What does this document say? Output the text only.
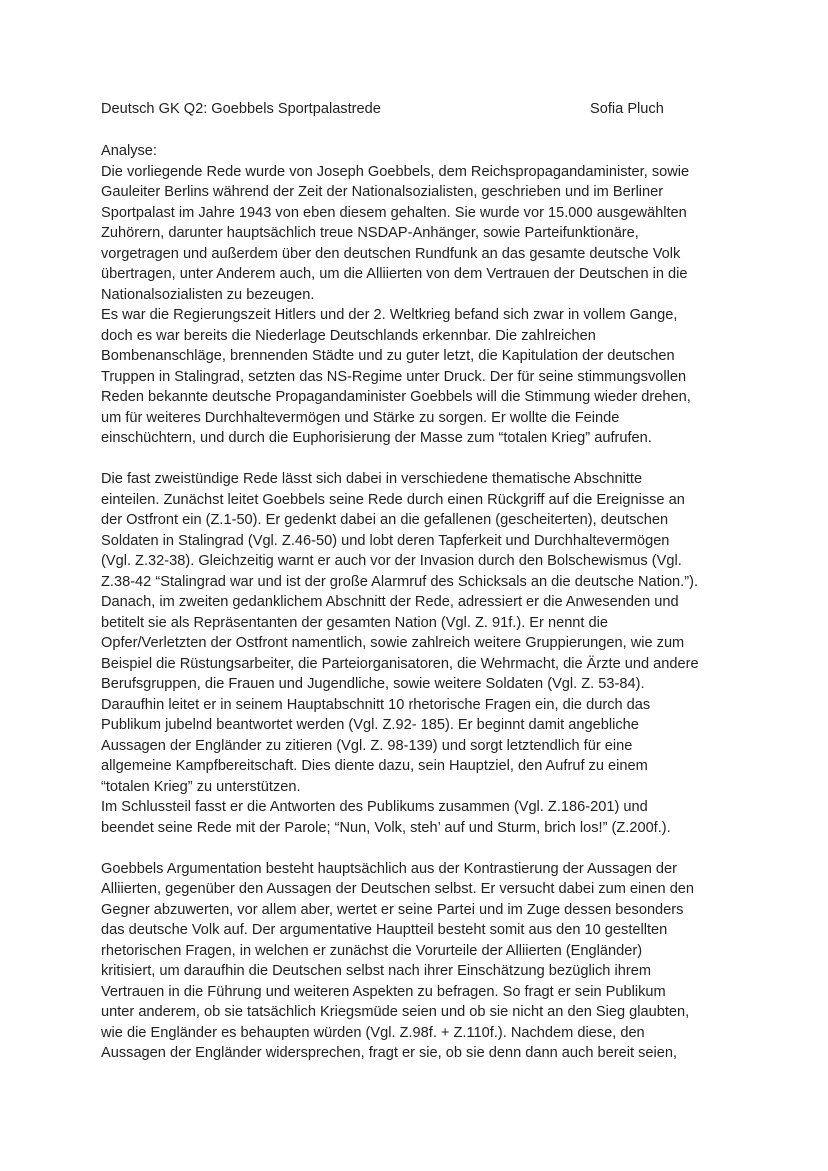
Deutsch GK Q2: Goebbels Sportpalastrede	Sofia Pluch
Analyse:
Die vorliegende Rede wurde von Joseph Goebbels, dem Reichspropagandaminister, sowie
Gauleiter Berlins während der Zeit der Nationalsozialisten, geschrieben und im Berliner
Sportpalast im Jahre 1943 von eben diesem gehalten. Sie wurde vor 15.000 ausgewählten
Zuhörern, darunter hauptsächlich treue NSDAP-Anhänger, sowie Parteifunktionäre,
vorgetragen und außerdem über den deutschen Rundfunk an das gesamte deutsche Volk
übertragen, unter Anderem auch, um die Alliierten von dem Vertrauen der Deutschen in die
Nationalsozialisten zu bezeugen.
Es war die Regierungszeit Hitlers und der 2. Weltkrieg befand sich zwar in vollem Gange,
doch es war bereits die Niederlage Deutschlands erkennbar. Die zahlreichen
Bombenanschläge, brennenden Städte und zu guter letzt, die Kapitulation der deutschen
Truppen in Stalingrad, setzten das NS-Regime unter Druck. Der für seine stimmungsvollen
Reden bekannte deutsche Propagandaminister Goebbels will die Stimmung wieder drehen,
um für weiteres Durchhaltevermögen und Stärke zu sorgen. Er wollte die Feinde
einschüchtern, und durch die Euphorisierung der Masse zum “totalen Krieg” aufrufen.
Die fast zweistündige Rede lässt sich dabei in verschiedene thematische Abschnitte
einteilen. Zunächst leitet Goebbels seine Rede durch einen Rückgriff auf die Ereignisse an
der Ostfront ein (Z.1-50). Er gedenkt dabei an die gefallenen (gescheiterten), deutschen
Soldaten in Stalingrad (Vgl. Z.46-50) und lobt deren Tapferkeit und Durchhaltevermögen
(Vgl. Z.32-38). Gleichzeitig warnt er auch vor der Invasion durch den Bolschewismus (Vgl.
Z.38-42 “Stalingrad war und ist der große Alarmruf des Schicksals an die deutsche Nation.”).
Danach, im zweiten gedanklichem Abschnitt der Rede, adressiert er die Anwesenden und
betitelt sie als Repräsentanten der gesamten Nation (Vgl. Z. 91f.). Er nennt die
Opfer/Verletzten der Ostfront namentlich, sowie zahlreich weitere Gruppierungen, wie zum
Beispiel die Rüstungsarbeiter, die Parteiorganisatoren, die Wehrmacht, die Ärzte und andere
Berufsgruppen, die Frauen und Jugendliche, sowie weitere Soldaten (Vgl. Z. 53-84).
Daraufhin leitet er in seinem Hauptabschnitt 10 rhetorische Fragen ein, die durch das
Publikum jubelnd beantwortet werden (Vgl. Z.92- 185). Er beginnt damit angebliche
Aussagen der Engländer zu zitieren (Vgl. Z. 98-139) und sorgt letztendlich für eine
allgemeine Kampfbereitschaft. Dies diente dazu, sein Hauptziel, den Aufruf zu einem
“totalen Krieg” zu unterstützen.
Im Schlussteil fasst er die Antworten des Publikums zusammen (Vgl. Z.186-201) und
beendet seine Rede mit der Parole; “Nun, Volk, steh’ auf und Sturm, brich los!” (Z.200f.).
Goebbels Argumentation besteht hauptsächlich aus der Kontrastierung der Aussagen der
Alliierten, gegenüber den Aussagen der Deutschen selbst. Er versucht dabei zum einen den
Gegner abzuwerten, vor allem aber, wertet er seine Partei und im Zuge dessen besonders
das deutsche Volk auf. Der argumentative Hauptteil besteht somit aus den 10 gestellten
rhetorischen Fragen, in welchen er zunächst die Vorurteile der Alliierten (Engländer)
kritisiert, um daraufhin die Deutschen selbst nach ihrer Einschätzung bezüglich ihrem
Vertrauen in die Führung und weiteren Aspekten zu befragen. So fragt er sein Publikum
unter anderem, ob sie tatsächlich Kriegsmüde seien und ob sie nicht an den Sieg glaubten,
wie die Engländer es behaupten würden (Vgl. Z.98f. + Z.110f.). Nachdem diese, den
Aussagen der Engländer widersprechen, fragt er sie, ob sie denn dann auch bereit seien,
